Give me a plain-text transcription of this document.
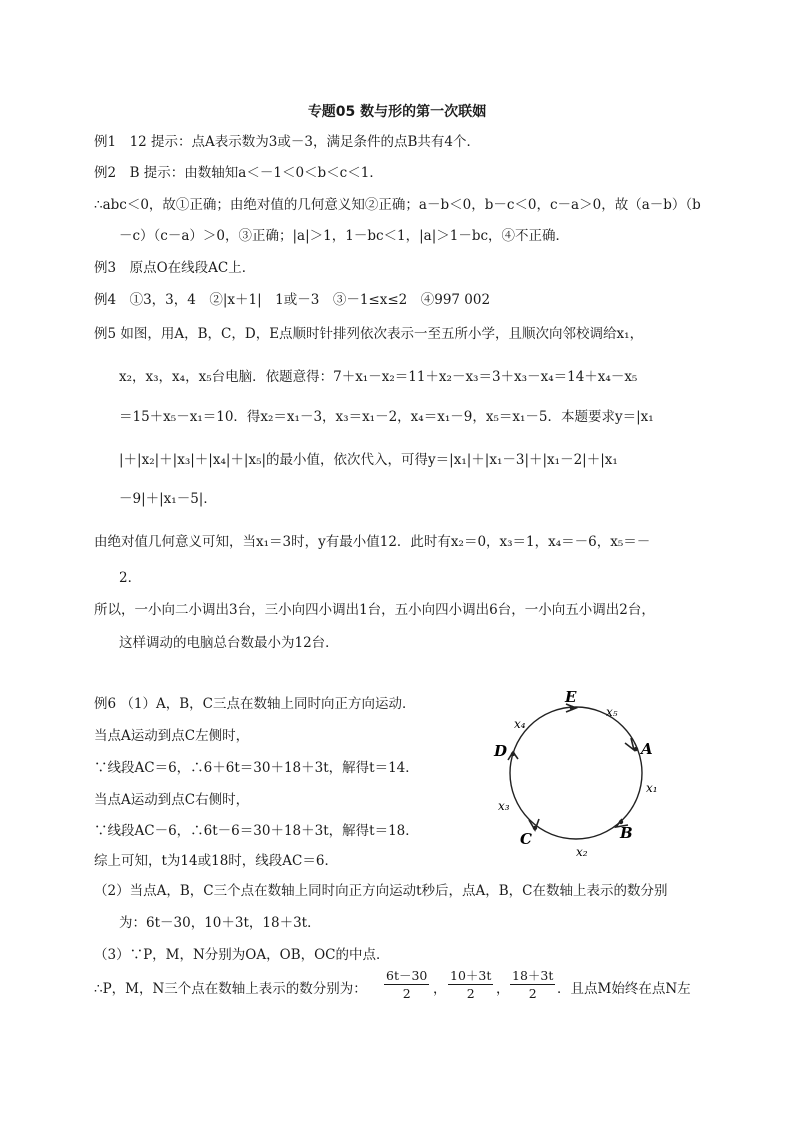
专题05 数与形的第一次联姻
例1　12 提示：点A表示数为3或－3，满足条件的点B共有4个．
例2　B 提示：由数轴知a＜－1＜0＜b＜c＜1．
∴abc＜0，故①正确；由绝对值的几何意义知②正确；a－b＜0，b－c＜0，c－a＞0，故（a－b）（b
－c）（c－a）＞0，③正确；|a|＞1，1－bc＜1，|a|＞1－bc，④不正确．
例3　原点O在线段AC上．
例4　①3，3，4　②|x＋1|　1或－3　③－1≤x≤2　④997 002
例5 如图，用A，B，C，D，E点顺时针排列依次表示一至五所小学，且顺次向邻校调给x₁，
x₂，x₃，x₄，x₅台电脑．依题意得：7＋x₁－x₂＝11＋x₂－x₃＝3＋x₃－x₄＝14＋x₄－x₅
＝15＋x₅－x₁＝10．得x₂＝x₁－3，x₃＝x₁－2，x₄＝x₁－9，x₅＝x₁－5．本题要求y＝|x₁
|＋|x₂|＋|x₃|＋|x₄|＋|x₅|的最小值，依次代入，可得y＝|x₁|＋|x₁－3|＋|x₁－2|＋|x₁
－9|＋|x₁－5|．
由绝对值几何意义可知，当x₁＝3时，y有最小值12．此时有x₂＝0，x₃＝1，x₄＝－6，x₅＝－
2．
所以，一小向二小调出3台，三小向四小调出1台，五小向四小调出6台，一小向五小调出2台，
这样调动的电脑总台数最小为12台．
例6 （1）A，B，C三点在数轴上同时向正方向运动．
当点A运动到点C左侧时，
∵线段AC＝6，∴6＋6t＝30＋18＋3t，解得t＝14．
当点A运动到点C右侧时，
∵线段AC－6，∴6t－6＝30＋18＋3t，解得t＝18．
综上可知，t为14或18时，线段AC＝6．
（2）当点A，B，C三个点在数轴上同时向正方向运动t秒后，点A，B，C在数轴上表示的数分别
为：6t－30，10＋3t，18＋3t．
（3）∵P，M，N分别为OA，OB，OC的中点．
∴P，M，N三个点在数轴上表示的数分别为： $\frac{6t-30}{2}$ ， $\frac{10+3t}{2}$ ， $\frac{18+3t}{2}$ ．且点M始终在点N左
E
A
B
C
D
x₄
x₅
x₁
x₂
x₃
